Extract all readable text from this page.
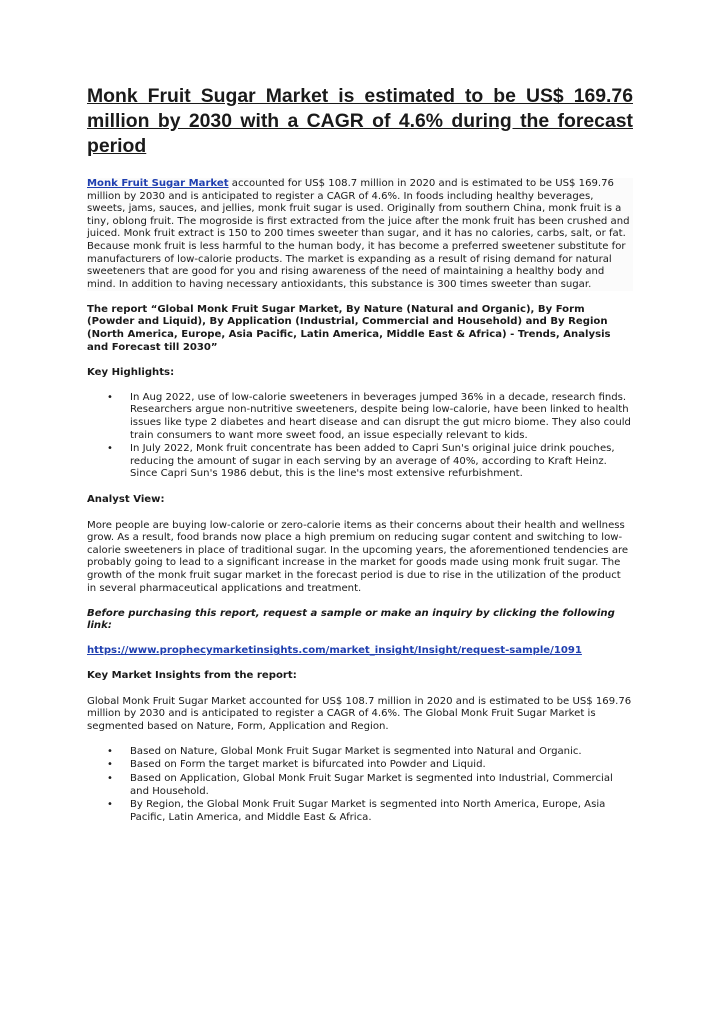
Monk Fruit Sugar Market is estimated to be US$ 169.76 million by 2030 with a CAGR of 4.6% during the forecast period

Monk Fruit Sugar Market accounted for US$ 108.7 million in 2020 and is estimated to be US$ 169.76 million by 2030 and is anticipated to register a CAGR of 4.6%. In foods including healthy beverages, sweets, jams, sauces, and jellies, monk fruit sugar is used. Originally from southern China, monk fruit is a tiny, oblong fruit. The mogroside is first extracted from the juice after the monk fruit has been crushed and juiced. Monk fruit extract is 150 to 200 times sweeter than sugar, and it has no calories, carbs, salt, or fat. Because monk fruit is less harmful to the human body, it has become a preferred sweetener substitute for manufacturers of low-calorie products. The market is expanding as a result of rising demand for natural sweeteners that are good for you and rising awareness of the need of maintaining a healthy body and mind. In addition to having necessary antioxidants, this substance is 300 times sweeter than sugar.

The report “Global Monk Fruit Sugar Market, By Nature (Natural and Organic), By Form (Powder and Liquid), By Application (Industrial, Commercial and Household) and By Region (North America, Europe, Asia Pacific, Latin America, Middle East & Africa) - Trends, Analysis and Forecast till 2030”

Key Highlights:

• In Aug 2022, use of low-calorie sweeteners in beverages jumped 36% in a decade, research finds. Researchers argue non-nutritive sweeteners, despite being low-calorie, have been linked to health issues like type 2 diabetes and heart disease and can disrupt the gut micro biome. They also could train consumers to want more sweet food, an issue especially relevant to kids.
• In July 2022, Monk fruit concentrate has been added to Capri Sun's original juice drink pouches, reducing the amount of sugar in each serving by an average of 40%, according to Kraft Heinz. Since Capri Sun's 1986 debut, this is the line's most extensive refurbishment.

Analyst View:

More people are buying low-calorie or zero-calorie items as their concerns about their health and wellness grow. As a result, food brands now place a high premium on reducing sugar content and switching to low-calorie sweeteners in place of traditional sugar. In the upcoming years, the aforementioned tendencies are probably going to lead to a significant increase in the market for goods made using monk fruit sugar. The growth of the monk fruit sugar market in the forecast period is due to rise in the utilization of the product in several pharmaceutical applications and treatment.

Before purchasing this report, request a sample or make an inquiry by clicking the following link:

https://www.prophecymarketinsights.com/market_insight/Insight/request-sample/1091

Key Market Insights from the report:

Global Monk Fruit Sugar Market accounted for US$ 108.7 million in 2020 and is estimated to be US$ 169.76 million by 2030 and is anticipated to register a CAGR of 4.6%. The Global Monk Fruit Sugar Market is segmented based on Nature, Form, Application and Region.

• Based on Nature, Global Monk Fruit Sugar Market is segmented into Natural and Organic.
• Based on Form the target market is bifurcated into Powder and Liquid.
• Based on Application, Global Monk Fruit Sugar Market is segmented into Industrial, Commercial and Household.
• By Region, the Global Monk Fruit Sugar Market is segmented into North America, Europe, Asia Pacific, Latin America, and Middle East & Africa.
